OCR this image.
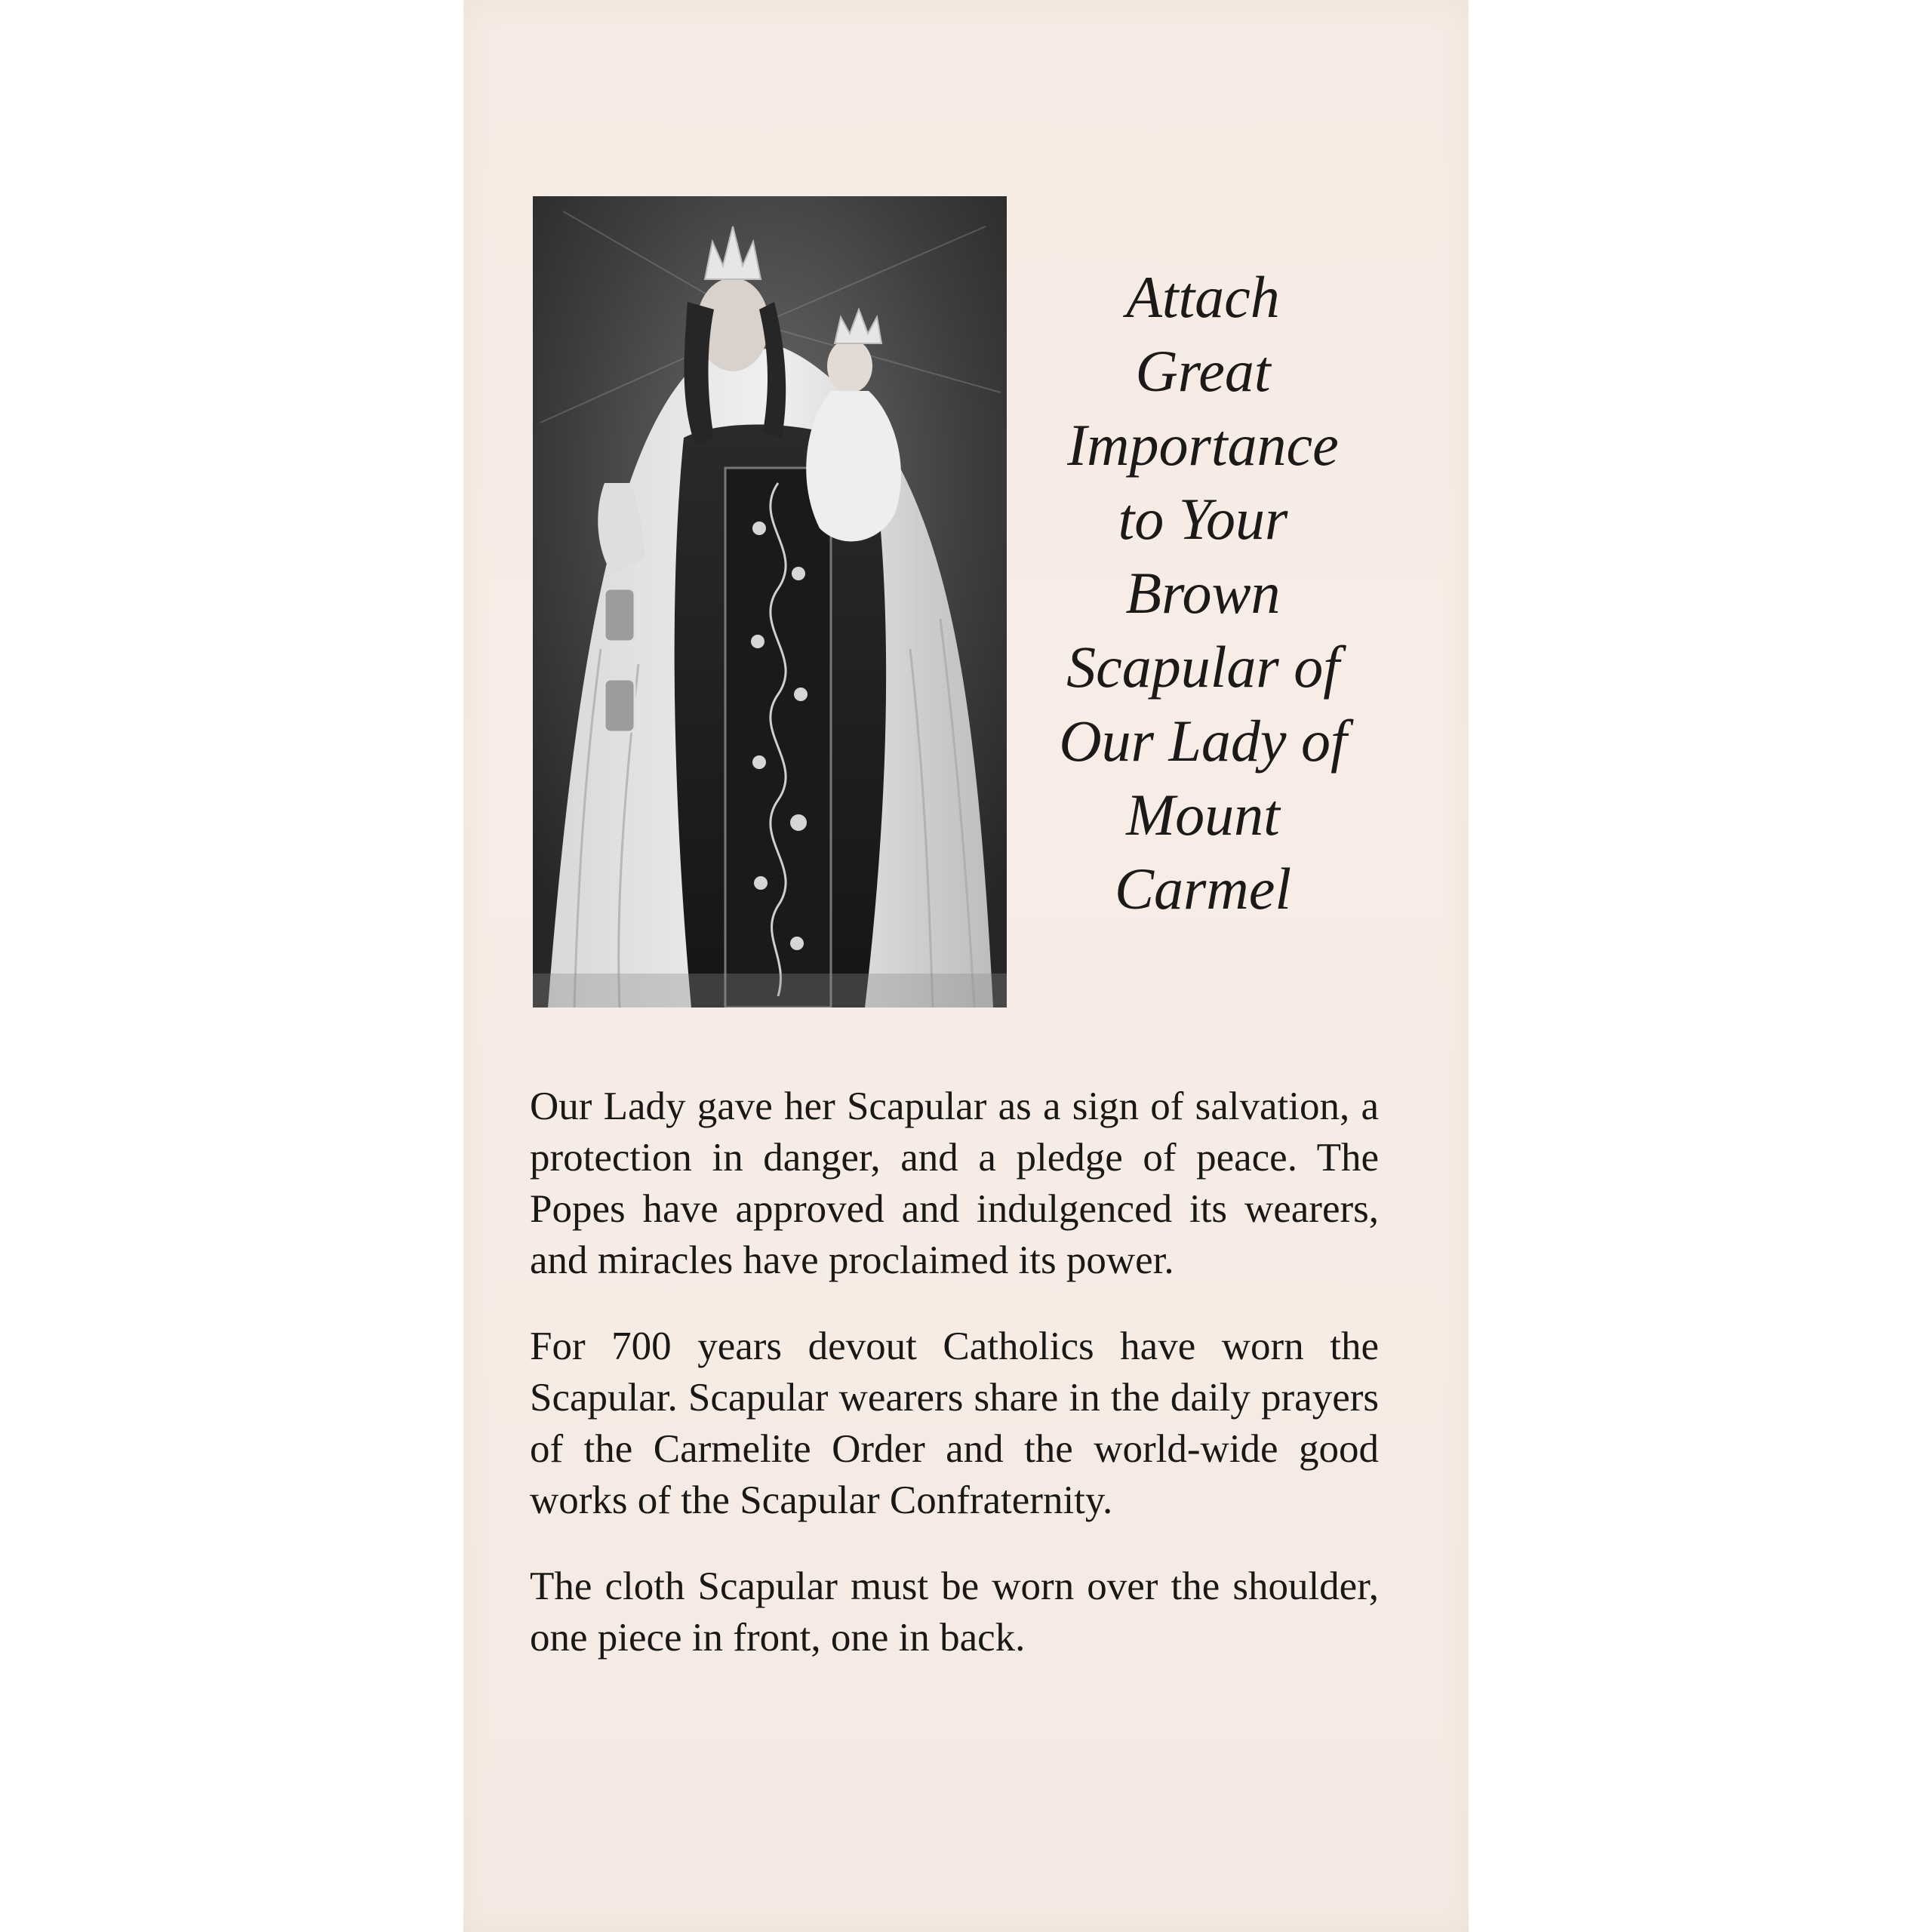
Attach
Great
Importance
to Your
Brown
Scapular of
Our Lady of
Mount
Carmel

Our Lady gave her Scapular as a sign of salvation, a protection in danger, and a pledge of peace. The Popes have approved and indulgenced its wearers, and miracles have proclaimed its power.

For 700 years devout Catholics have worn the Scapular. Scapular wearers share in the daily prayers of the Carmelite Order and the world-wide good works of the Scapular Confraternity.

The cloth Scapular must be worn over the shoulder, one piece in front, one in back.
